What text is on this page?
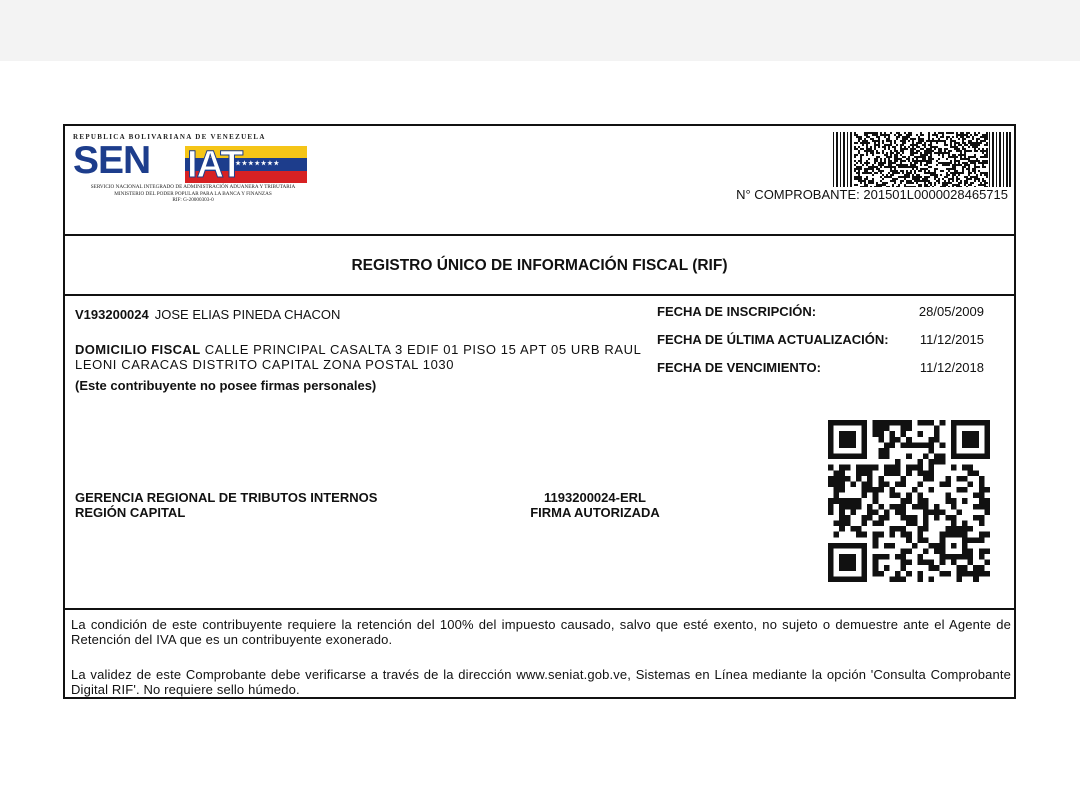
REPUBLICA BOLIVARIANA DE VENEZUELA
SEN	★★★★★★★★
IAT
SERVICIO NACIONAL INTEGRADO DE ADMINISTRACIÓN ADUANERA Y TRIBUTARIA
MINISTERIO DEL PODER POPULAR PARA LA BANCA Y FINANZAS
RIF: G-20000303-0	N° COMPROBANTE: 201501L0000028465715
REGISTRO ÚNICO DE INFORMACIÓN FISCAL (RIF)
V193200024 JOSE ELIAS PINEDA CHACON
DOMICILIO FISCAL CALLE PRINCIPAL CASALTA 3 EDIF 01 PISO 15 APT 05 URB RAUL LEONI CARACAS DISTRITO CAPITAL ZONA POSTAL 1030
(Este contribuyente no posee firmas personales)
FECHA DE INSCRIPCIÓN:	28/05/2009
FECHA DE ÚLTIMA ACTUALIZACIÓN: 11/12/2015
FECHA DE VENCIMIENTO:	11/12/2018
GERENCIA REGIONAL DE TRIBUTOS INTERNOS
REGIÓN CAPITAL
1193200024-ERL
FIRMA AUTORIZADA

La condición de este contribuyente requiere la retención del 100% del impuesto causado, salvo que esté exento, no sujeto o demuestre ante el Agente de Retención del IVA que es un contribuyente exonerado.

La validez de este Comprobante debe verificarse a través de la dirección www.seniat.gob.ve, Sistemas en Línea mediante la opción 'Consulta Comprobante Digital RIF'. No requiere sello húmedo.
